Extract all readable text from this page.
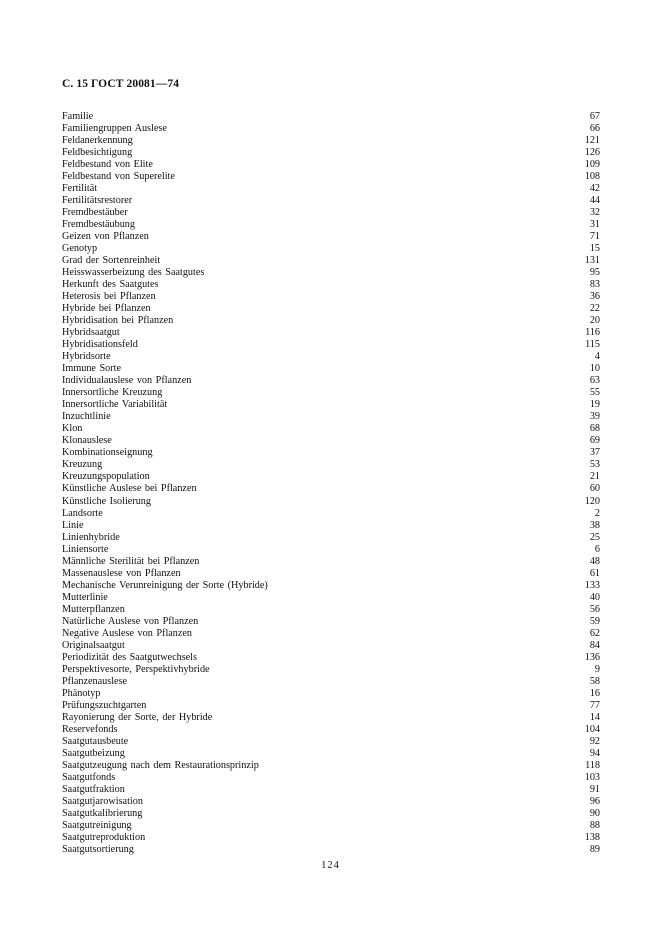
С. 15 ГОСТ 20081—74
Familie	67
Familiengruppen Auslese	66
Feldanerkennung	121
Feldbesichtigung	126
Feldbestand von Elite	109
Feldbestand von Superelite	108
Fertilität	42
Fertilitätsrestorer	44
Fremdbestäuber	32
Fremdbestäubung	31
Geizen von Pflanzen	71
Genotyp	15
Grad der Sortenreinheit	131
Heisswasserbeizung des Saatgutes	95
Herkunft des Saatgutes	83
Heterosis bei Pflanzen	36
Hybride bei Pflanzen	22
Hybridisation bei Pflanzen	20
Hybridsaatgut	116
Hybridisationsfeld	115
Hybridsorte	4
Immune Sorte	10
Individualauslese von Pflanzen	63
Innersortliche Kreuzung	55
Innersortliche Variabilität	19
Inzuchtlinie	39
Klon	68
Klonauslese	69
Kombinationseignung	37
Kreuzung	53
Kreuzungspopulation	21
Künstliche Auslese bei Pflanzen	60
Künstliche Isolierung	120
Landsorte	2
Linie	38
Linienhybride	25
Liniensorte	6
Männliche Sterilität bei Pflanzen	48
Massenauslese von Pflanzen	61
Mechanische Verunreinigung der Sorte (Hybride)	133
Mutterlinie	40
Mutterpflanzen	56
Natürliche Auslese von Pflanzen	59
Negative Auslese von Pflanzen	62
Originalsaatgut	84
Periodizität des Saatgutwechsels	136
Perspektivesorte, Perspektivhybride	9
Pflanzenauslese	58
Phänotyp	16
Prüfungszuchtgarten	77
Rayonierung der Sorte, der Hybride	14
Reservefonds	104
Saatgutausbeute	92
Saatgutbeizung	94
Saatgutzeugung nach dem Restaurationsprinzip	118
Saatgutfonds	103
Saatgutfraktion	91
Saatgutjarowisation	96
Saatgutkalibrierung	90
Saatgutreinigung	88
Saatgutreproduktion	138
Saatgutsortierung	89
124
